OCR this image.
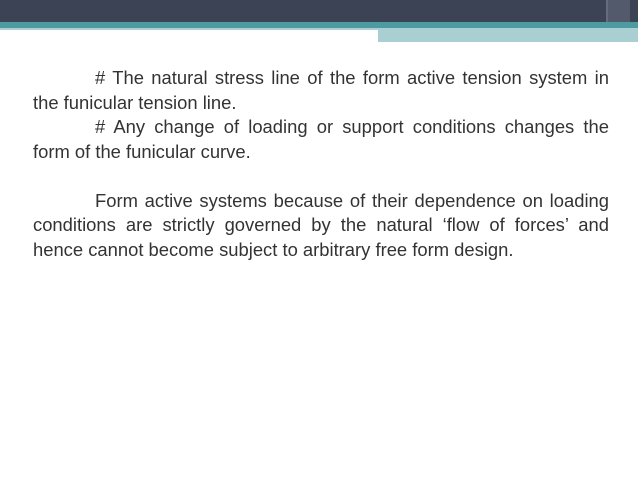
# The natural stress line of the form active tension system in the funicular tension line.

# Any change of loading or support conditions changes the form of the funicular curve.

Form active systems because of their dependence on loading conditions are strictly governed by the natural ‘flow of forces’ and hence cannot become subject to arbitrary free form design.
